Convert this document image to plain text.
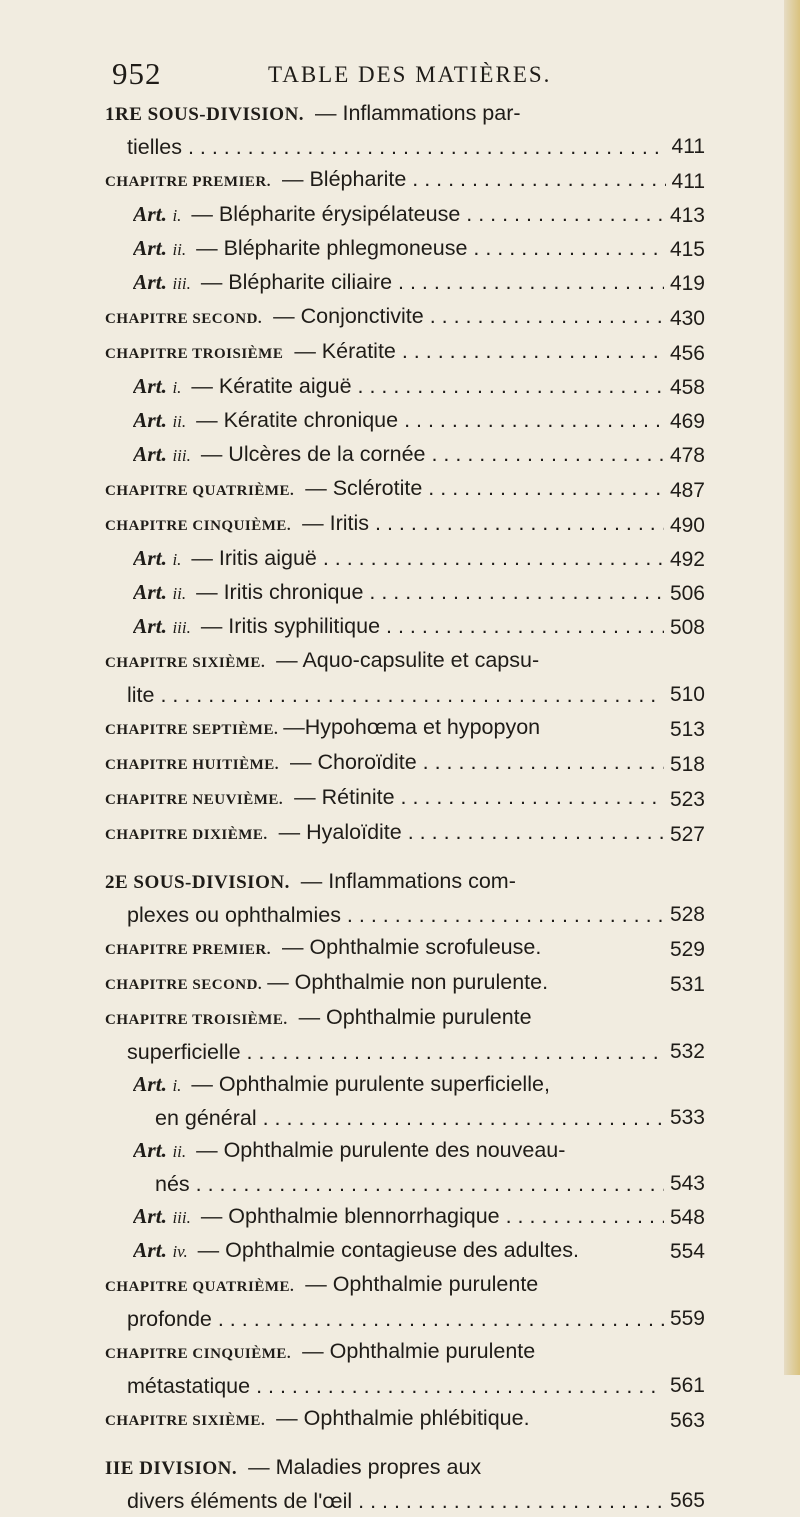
952	TABLE DES MATIÈRES.
1RE SOUS-DIVISION. — Inflammations par-
tielles . . .	411
CHAPITRE PREMIER. — Blépharite . . .	411
Art. i. — Blépharite érysipélateuse . . .	413
Art. ii. — Blépharite phlegmoneuse . . .	415
Art. iii. — Blépharite ciliaire . . .	419
CHAPITRE SECOND. — Conjonctivite . . .	430
CHAPITRE TROISIÈME — Kératite . . .	456
Art. i. — Kératite aiguë . . .	458
Art. ii. — Kératite chronique . . .	469
Art. iii. — Ulcères de la cornée . . .	478
CHAPITRE QUATRIÈME. — Sclérotite . . .	487
CHAPITRE CINQUIÈME. — Iritis . . .	490
Art. i. — Iritis aiguë . . .	492
Art. ii. — Iritis chronique . . .	506
Art. iii. — Iritis syphilitique . . .	508
CHAPITRE SIXIÈME. — Aquo-capsulite et capsu-
lite . . .	510
CHAPITRE SEPTIÈME. —Hypohœma et hypopyon	513
CHAPITRE HUITIÈME. — Choroïdite . . .	518
CHAPITRE NEUVIÈME. — Rétinite . . .	523
CHAPITRE DIXIÈME. — Hyaloïdite . . .	527
2E SOUS-DIVISION. — Inflammations com-
plexes ou ophthalmies . . .	528
CHAPITRE PREMIER. — Ophthalmie scrofuleuse.	529
CHAPITRE SECOND. — Ophthalmie non purulente.	531
CHAPITRE TROISIÈME. — Ophthalmie purulente
superficielle . . .	532
Art. i. — Ophthalmie purulente superficielle,
en général . . .	533
Art. ii. — Ophthalmie purulente des nouveau-
nés . . .	543
Art. iii. — Ophthalmie blennorrhagique . . .	548
Art. iv. — Ophthalmie contagieuse des adultes.	554
CHAPITRE QUATRIÈME. — Ophthalmie purulente
profonde . . .	559
CHAPITRE CINQUIÈME. — Ophthalmie purulente
métastatique . . .	561
CHAPITRE SIXIÈME. — Ophthalmie phlébitique.	563
IIE DIVISION. — Maladies propres aux
divers éléments de l'œil . . .	565
